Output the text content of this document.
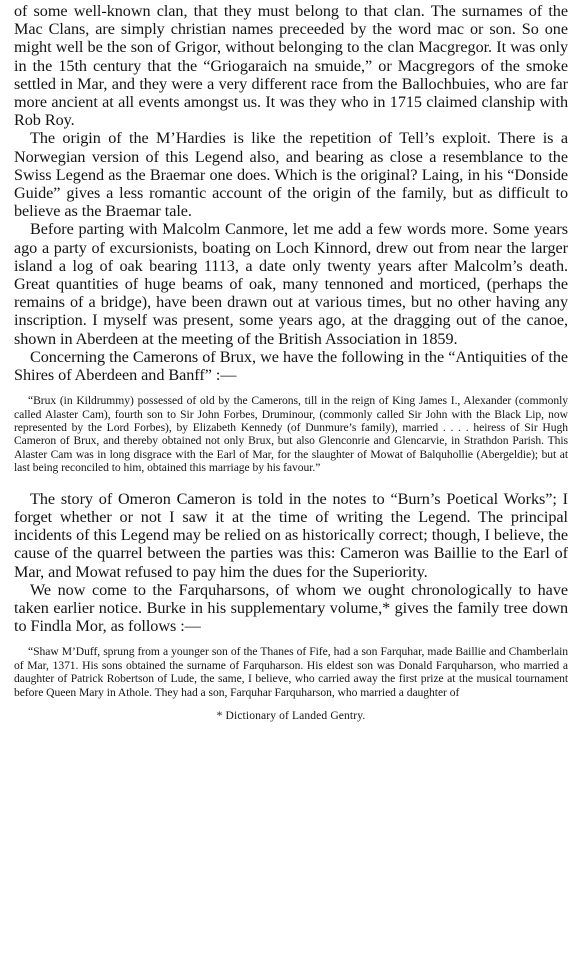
of some well-known clan, that they must belong to that clan. The surnames of the Mac Clans, are simply christian names preceeded by the word mac or son. So one might well be the son of Grigor, without belonging to the clan Macgregor. It was only in the 15th century that the “Griogaraich na smuide,” or Macgregors of the smoke settled in Mar, and they were a very different race from the Ballochbuies, who are far more ancient at all events amongst us. It was they who in 1715 claimed clanship with Rob Roy.

The origin of the M’Hardies is like the repetition of Tell’s exploit. There is a Norwegian version of this Legend also, and bearing as close a resemblance to the Swiss Legend as the Braemar one does. Which is the original? Laing, in his “Donside Guide” gives a less romantic account of the origin of the family, but as difficult to believe as the Braemar tale.

Before parting with Malcolm Canmore, let me add a few words more. Some years ago a party of excursionists, boating on Loch Kinnord, drew out from near the larger island a log of oak bearing 1113, a date only twenty years after Malcolm’s death. Great quantities of huge beams of oak, many tennoned and morticed, (perhaps the remains of a bridge), have been drawn out at various times, but no other having any inscription. I myself was present, some years ago, at the dragging out of the canoe, shown in Aberdeen at the meeting of the British Association in 1859.

Concerning the Camerons of Brux, we have the following in the “Antiquities of the Shires of Aberdeen and Banff” :—

“Brux (in Kildrummy) possessed of old by the Camerons, till in the reign of King James I., Alexander (commonly called Alaster Cam), fourth son to Sir John Forbes, Druminour, (commonly called Sir John with the Black Lip, now represented by the Lord Forbes), by Elizabeth Kennedy (of Dunmure’s family), married . . . . heiress of Sir Hugh Cameron of Brux, and thereby obtained not only Brux, but also Glenconrie and Glencarvie, in Strathdon Parish. This Alaster Cam was in long disgrace with the Earl of Mar, for the slaughter of Mowat of Balquhollie (Abergeldie); but at last being reconciled to him, obtained this marriage by his favour.”

The story of Omeron Cameron is told in the notes to “Burn’s Poetical Works”; I forget whether or not I saw it at the time of writing the Legend. The principal incidents of this Legend may be relied on as historically correct; though, I believe, the cause of the quarrel between the parties was this: Cameron was Baillie to the Earl of Mar, and Mowat refused to pay him the dues for the Superiority.

We now come to the Farquharsons, of whom we ought chronologically to have taken earlier notice. Burke in his supplementary volume,* gives the family tree down to Findla Mor, as follows :—

“Shaw M’Duff, sprung from a younger son of the Thanes of Fife, had a son Farquhar, made Baillie and Chamberlain of Mar, 1371. His sons obtained the surname of Farquharson. His eldest son was Donald Farquharson, who married a daughter of Patrick Robertson of Lude, the same, I believe, who carried away the first prize at the musical tournament before Queen Mary in Athole. They had a son, Farquhar Farquharson, who married a daughter of

* Dictionary of Landed Gentry.
